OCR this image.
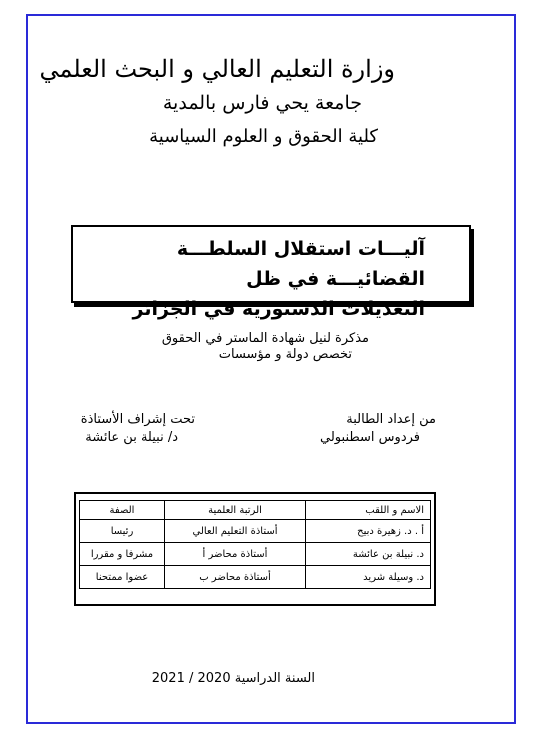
وزارة التعليم العالي و البحث العلمي
جامعة يحي فارس بالمدية
كلية الحقوق و العلوم السياسية
آليـــات استقلال السلطـــة القضائيـــة في ظل
التعديلات الدستورية في الجزائر
مذكرة لنيل شهادة الماستر في الحقوق
تخصص دولة و مؤسسات
من إعداد الطالبة
فردوس اسطنبولي
تحت إشراف الأستاذة
د/ نبيلة بن عائشة
الاسم و اللقب	الرتبة العلمية	الصفة
أ . د. زهيرة دبيح	أستاذة التعليم العالي	رئيسا
د. نبيلة بن عائشة	أستاذة محاضر أ	مشرفا و مقررا
د. وسيلة شريد	أستاذة محاضر ب	عضوا ممتحنا
السنة الدراسية 2020 / 2021
